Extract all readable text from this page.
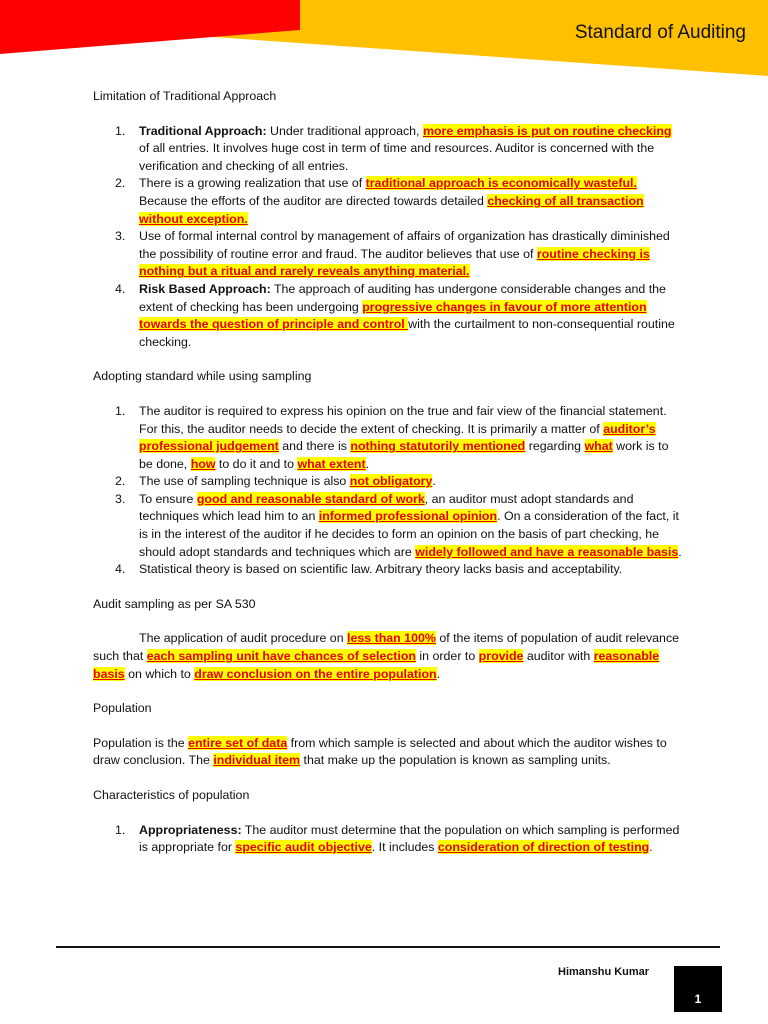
Standard of Auditing

Limitation of Traditional Approach

1. Traditional Approach: Under traditional approach, more emphasis is put on routine checking of all entries. It involves huge cost in term of time and resources. Auditor is concerned with the verification and checking of all entries.
2. There is a growing realization that use of traditional approach is economically wasteful. Because the efforts of the auditor are directed towards detailed checking of all transaction without exception.
3. Use of formal internal control by management of affairs of organization has drastically diminished the possibility of routine error and fraud. The auditor believes that use of routine checking is nothing but a ritual and rarely reveals anything material.
4. Risk Based Approach: The approach of auditing has undergone considerable changes and the extent of checking has been undergoing progressive changes in favour of more attention towards the question of principle and control with the curtailment to non-consequential routine checking.

Adopting standard while using sampling

1. The auditor is required to express his opinion on the true and fair view of the financial statement. For this, the auditor needs to decide the extent of checking. It is primarily a matter of auditor’s professional judgement and there is nothing statutorily mentioned regarding what work is to be done, how to do it and to what extent.
2. The use of sampling technique is also not obligatory.
3. To ensure good and reasonable standard of work, an auditor must adopt standards and techniques which lead him to an informed professional opinion. On a consideration of the fact, it is in the interest of the auditor if he decides to form an opinion on the basis of part checking, he should adopt standards and techniques which are widely followed and have a reasonable basis.
4. Statistical theory is based on scientific law. Arbitrary theory lacks basis and acceptability.

Audit sampling as per SA 530

The application of audit procedure on less than 100% of the items of population of audit relevance such that each sampling unit have chances of selection in order to provide auditor with reasonable basis on which to draw conclusion on the entire population.

Population

Population is the entire set of data from which sample is selected and about which the auditor wishes to draw conclusion. The individual item that make up the population is known as sampling units.

Characteristics of population

1. Appropriateness: The auditor must determine that the population on which sampling is performed is appropriate for specific audit objective. It includes consideration of direction of testing.
Himanshu Kumar
1
